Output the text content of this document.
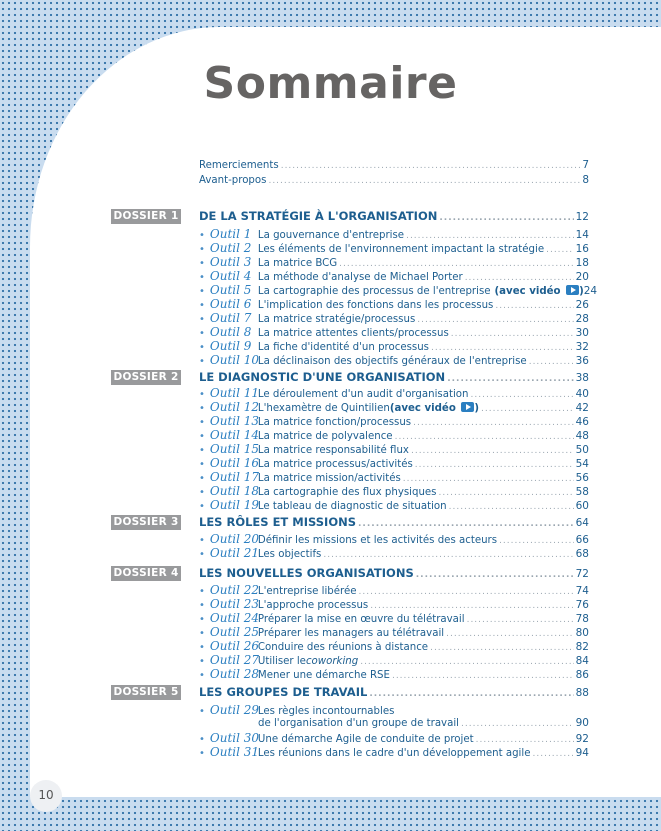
Sommaire
Remerciements .....	7
Avant-propos .....	8
DOSSIER 1 DE LA STRATÉGIE À L'ORGANISATION .....	12
• Outil 1 La gouvernance d'entreprise .....	14
• Outil 2 Les éléments de l'environnement impactant la stratégie .....	16
• Outil 3 La matrice BCG .....	18
• Outil 4 La méthode d'analyse de Michael Porter .....	20
• Outil 5 La cartographie des processus de l'entreprise (avec vidéo ) 24
• Outil 6 L'implication des fonctions dans les processus .....	26
• Outil 7 La matrice stratégie/processus .....	28
• Outil 8 La matrice attentes clients/processus .....	30
• Outil 9 La fiche d'identité d'un processus .....	32
• Outil 10
La déclinaison des objectifs généraux de l'entreprise .....	36
DOSSIER 2 LE DIAGNOSTIC D'UNE ORGANISATION .....	38
• Outil 11
Le déroulement d'un audit d'organisation .....	40
• Outil 12
L'hexamètre de Quintilien (avec vidéo ) .....	42
• Outil 13
La matrice fonction/processus .....	46
• Outil 14
La matrice de polyvalence .....	48
• Outil 15
La matrice responsabilité flux .....	50
• Outil 16
La matrice processus/activités .....	54
• Outil 17
La matrice mission/activités .....	56
• Outil 18
La cartographie des flux physiques .....	58
• Outil 19
Le tableau de diagnostic de situation .....	60
DOSSIER 3 LES RÔLES ET MISSIONS .....	64
• Outil 20
Définir les missions et les activités des acteurs .....	66
• Outil 21
Les objectifs .....	68
DOSSIER 4 LES NOUVELLES ORGANISATIONS .....	72
• Outil 22
L'entreprise libérée .....	74
• Outil 23
L'approche processus .....	76
• Outil 24
Préparer la mise en œuvre du télétravail .....	78
• Outil 25
Préparer les managers au télétravail .....	80
• Outil 26
Conduire des réunions à distance .....	82
• Outil 27
Utiliser le coworking .....	84
• Outil 28
Mener une démarche RSE .....	86
DOSSIER 5 LES GROUPES DE TRAVAIL .....	88
• Outil 29
Les règles incontournables
de l'organisation d'un groupe de travail .....	90
• Outil 30
Une démarche Agile de conduite de projet .....	92
• Outil 31
Les réunions dans le cadre d'un développement agile .....	94
10
